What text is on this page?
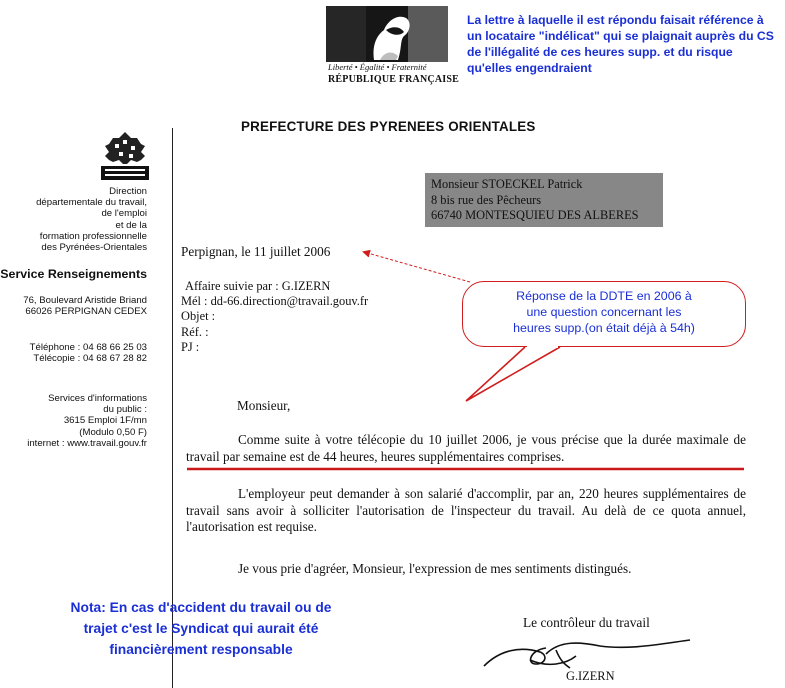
Liberté • Égalité • Fraternité
RÉPUBLIQUE FRANÇAISE
La lettre à laquelle il est répondu faisait référence à un locataire "indélicat" qui se plaignait auprès du CS de l'illégalité de ces heures supp. et du risque qu'elles engendraient
PREFECTURE DES PYRENEES ORIENTALES
Direction
départementale du travail,
de l'emploi
et de la
formation professionnelle
des Pyrénées-Orientales
Service Renseignements
76, Boulevard Aristide Briand
66026 PERPIGNAN CEDEX
Téléphone : 04 68 66 25 03
Télécopie : 04 68 67 28 82
Services d'informations
du public :
3615 Emploi 1F/mn
(Modulo 0,50 F)
internet : www.travail.gouv.fr
Monsieur STOECKEL Patrick
8 bis rue des Pêcheurs
66740 MONTESQUIEU DES ALBERES
Perpignan, le 11 juillet 2006
Affaire suivie par : G.IZERN
Mél : dd-66.direction@travail.gouv.fr
Objet :
Réf. :
PJ :
Monsieur,
Comme suite à votre télécopie du 10 juillet 2006, je vous précise que la durée maximale de travail par semaine est de 44 heures, heures supplémentaires comprises.
L'employeur peut demander à son salarié d'accomplir, par an, 220 heures supplémentaires de travail sans avoir à solliciter l'autorisation de l'inspecteur du travail. Au delà de ce quota annuel, l'autorisation est requise.
Je vous prie d'agréer, Monsieur, l'expression de mes sentiments distingués.
Le contrôleur du travail
G.IZERN
Réponse de la DDTE en 2006 à
une question concernant les
heures supp.(on était déjà à 54h)
Nota: En cas d'accident du travail ou de
trajet c'est le Syndicat qui aurait été
financièrement responsable
